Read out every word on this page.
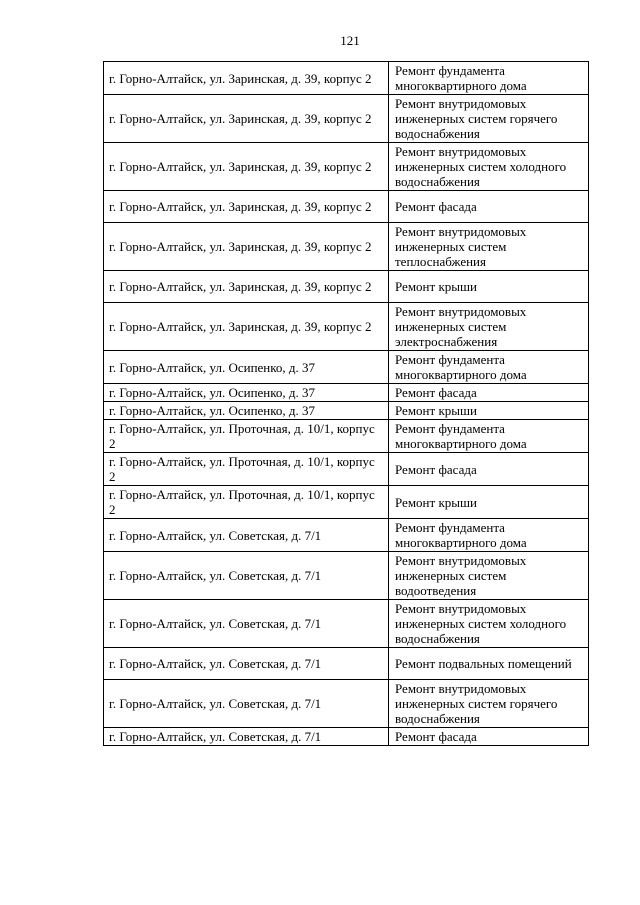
121
г. Горно-Алтайск, ул. Заринская, д. 39, корпус 2	Ремонт фундамента многоквартирного дома
г. Горно-Алтайск, ул. Заринская, д. 39, корпус 2	Ремонт внутридомовых инженерных систем горячего водоснабжения
г. Горно-Алтайск, ул. Заринская, д. 39, корпус 2	Ремонт внутридомовых инженерных систем холодного водоснабжения
г. Горно-Алтайск, ул. Заринская, д. 39, корпус 2	Ремонт фасада
г. Горно-Алтайск, ул. Заринская, д. 39, корпус 2	Ремонт внутридомовых инженерных систем теплоснабжения
г. Горно-Алтайск, ул. Заринская, д. 39, корпус 2	Ремонт крыши
г. Горно-Алтайск, ул. Заринская, д. 39, корпус 2	Ремонт внутридомовых инженерных систем электроснабжения
г. Горно-Алтайск, ул. Осипенко, д. 37	Ремонт фундамента многоквартирного дома
г. Горно-Алтайск, ул. Осипенко, д. 37	Ремонт фасада
г. Горно-Алтайск, ул. Осипенко, д. 37	Ремонт крыши
г. Горно-Алтайск, ул. Проточная, д. 10/1, корпус 2	Ремонт фундамента многоквартирного дома
г. Горно-Алтайск, ул. Проточная, д. 10/1, корпус 2	Ремонт фасада
г. Горно-Алтайск, ул. Проточная, д. 10/1, корпус 2	Ремонт крыши
г. Горно-Алтайск, ул. Советская, д. 7/1	Ремонт фундамента многоквартирного дома
г. Горно-Алтайск, ул. Советская, д. 7/1	Ремонт внутридомовых инженерных систем водоотведения
г. Горно-Алтайск, ул. Советская, д. 7/1	Ремонт внутридомовых инженерных систем холодного водоснабжения
г. Горно-Алтайск, ул. Советская, д. 7/1	Ремонт подвальных помещений
г. Горно-Алтайск, ул. Советская, д. 7/1	Ремонт внутридомовых инженерных систем горячего водоснабжения
г. Горно-Алтайск, ул. Советская, д. 7/1	Ремонт фасада
